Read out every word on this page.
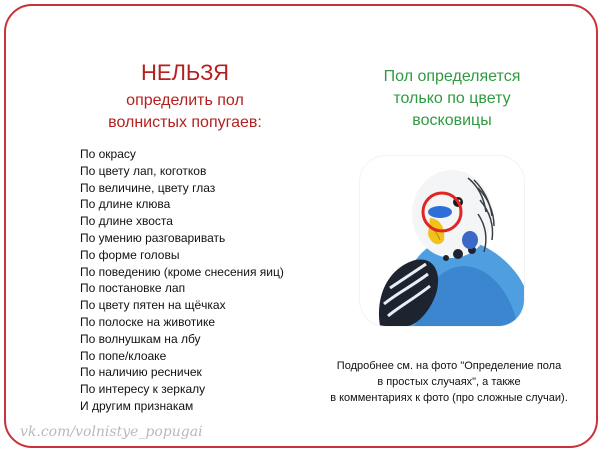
НЕЛЬЗЯ
определить пол
волнистых попугаев:
По окрасу
По цвету лап, коготков
По величине, цвету глаз
По длине клюва
По длине хвоста
По умению разговаривать
По форме головы
По поведению (кроме снесения яиц)
По постановке лап
По цвету пятен на щёчках
По полоске на животике
По волнушкам на лбу
По попе/клоаке
По наличию ресничек
По интересу к зеркалу
И другим признакам
Пол определяется
только по цвету
восковицы
Подробнее см. на фото "Определение пола
в простых случаях", а также
в комментариях к фото (про сложные случаи).
vk.com/volnistye_popugai
